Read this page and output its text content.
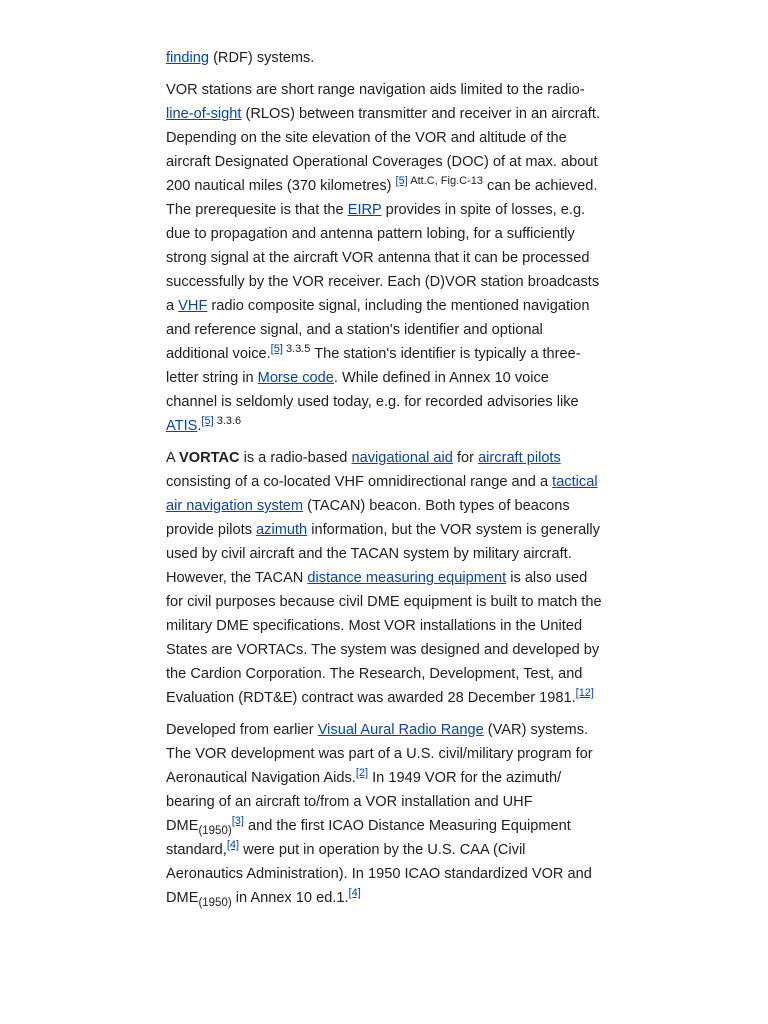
finding (RDF) systems.

VOR stations are short range navigation aids limited to the radio-line-of-sight (RLOS) between transmitter and receiver in an aircraft. Depending on the site elevation of the VOR and altitude of the aircraft Designated Operational Coverages (DOC) of at max. about 200 nautical miles (370 kilometres) [5] $^{Att.C, Fig.C-13}$ can be achieved. The prerequesite is that the EIRP provides in spite of losses, e.g. due to propagation and antenna pattern lobing, for a sufficiently strong signal at the aircraft VOR antenna that it can be processed successfully by the VOR receiver. Each (D)VOR station broadcasts a VHF radio composite signal, including the mentioned navigation and reference signal, and a station's identifier and optional additional voice.[5] $^{3.3.5}$ The station's identifier is typically a three-letter string in Morse code. While defined in Annex 10 voice channel is seldomly used today, e.g. for recorded advisories like ATIS.[5] $^{3.3.6}$

A VORTAC is a radio-based navigational aid for aircraft pilots consisting of a co-located VHF omnidirectional range and a tactical air navigation system (TACAN) beacon. Both types of beacons provide pilots azimuth information, but the VOR system is generally used by civil aircraft and the TACAN system by military aircraft. However, the TACAN distance measuring equipment is also used for civil purposes because civil DME equipment is built to match the military DME specifications. Most VOR installations in the United States are VORTACs. The system was designed and developed by the Cardion Corporation. The Research, Development, Test, and Evaluation (RDT&E) contract was awarded 28 December 1981.[12]

Developed from earlier Visual Aural Radio Range (VAR) systems. The VOR development was part of a U.S. civil/military program for Aeronautical Navigation Aids.[2] In 1949 VOR for the azimuth/ bearing of an aircraft to/from a VOR installation and UHF $DME_{(1950)}[3]$ and the first ICAO Distance Measuring Equipment standard,[4] were put in operation by the U.S. CAA (Civil Aeronautics Administration). In 1950 ICAO standardized VOR and $DME_{(1950)}$ in Annex 10 ed.1.[4]
